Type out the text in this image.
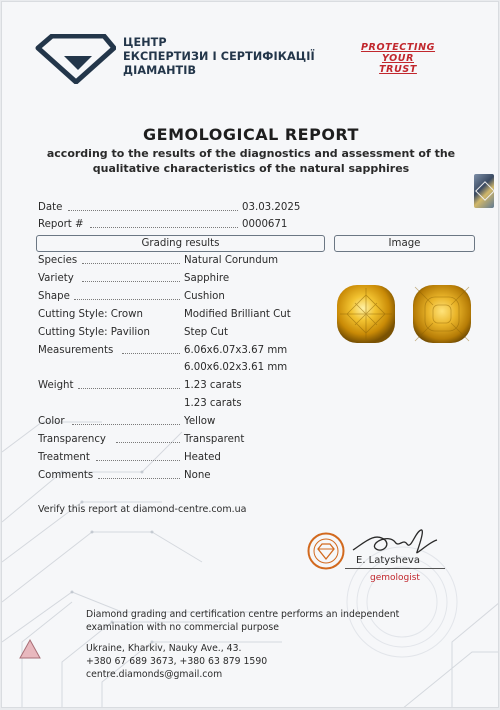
ЦЕНТР
ЕКСПЕРТИЗИ І СЕРТИФІКАЦІЇ
ДІАМАНТІВ
PROTECTING
YOUR
TRUST
GEMOLOGICAL REPORT
according to the results of the diagnostics and assessment of the
qualitative characteristics of the natural sapphires
Date	03.03.2025
Report #	0000671
Grading results	Image
Species	Natural Corundum
Variety	Sapphire
Shape	Cushion
Cutting Style: Crown	Modified Brilliant Cut
Cutting Style: Pavilion	Step Cut
Measurements	6.06x6.07x3.67 mm
6.00x6.02x3.61 mm
Weight	1.23 carats
1.23 carats
Color	Yellow
Transparency	Transparent
Treatment	Heated
Comments	None
Verify this report at diamond-centre.com.ua
E. Latysheva
gemologist
Diamond grading and certification centre performs an independent
examination with no commercial purpose
Ukraine, Kharkiv, Nauky Ave., 43.
+380 67 689 3673, +380 63 879 1590
centre.diamonds@gmail.com
